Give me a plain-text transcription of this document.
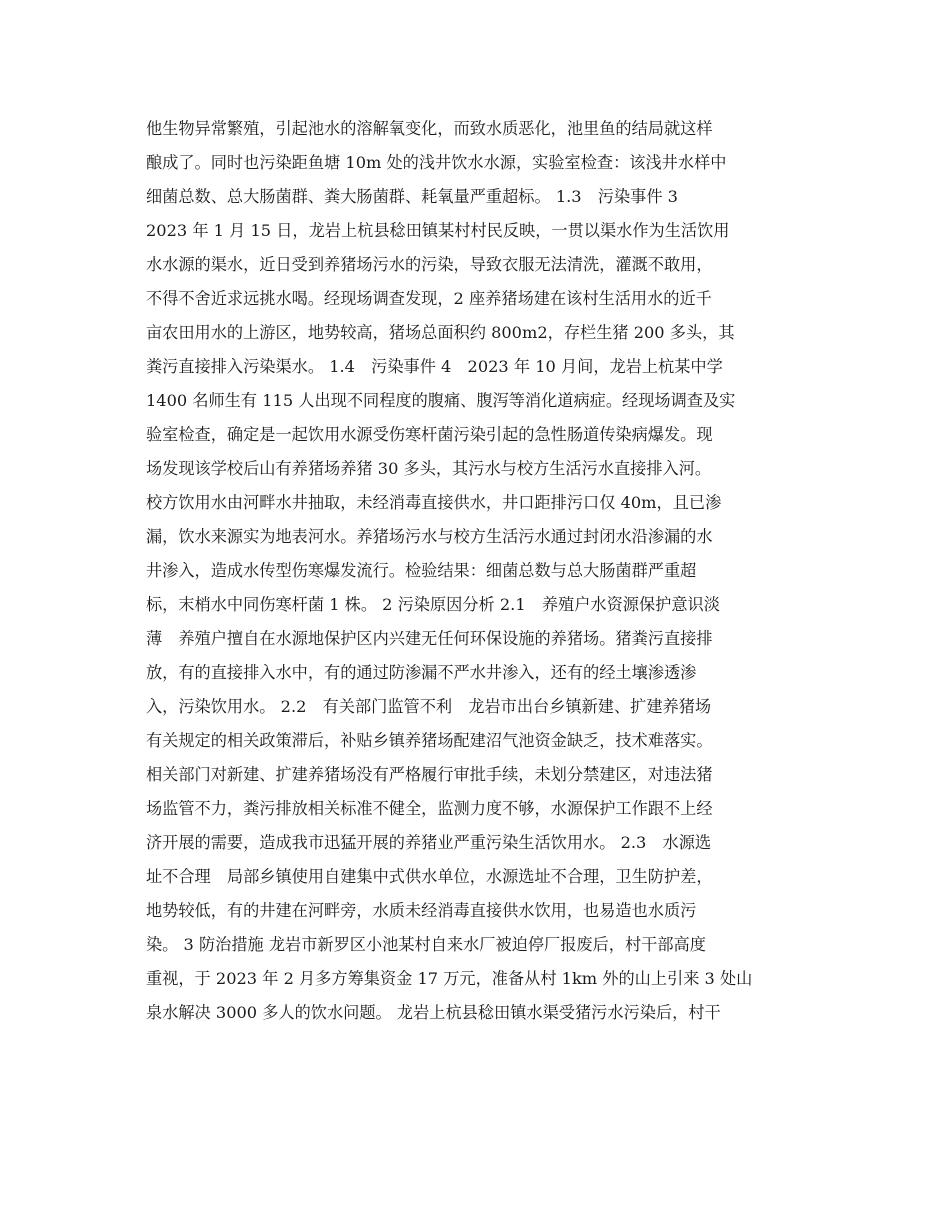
他生物异常繁殖，引起池水的溶解氧变化，而致水质恶化，池里鱼的结局就这样
酿成了。同时也污染距鱼塘 10m 处的浅井饮水水源，实验室检查：该浅井水样中
细菌总数、总大肠菌群、粪大肠菌群、耗氧量严重超标。 1.3　污染事件 3
2023 年 1 月 15 日，龙岩上杭县稔田镇某村村民反映，一贯以渠水作为生活饮用
水水源的渠水，近日受到养猪场污水的污染，导致衣服无法清洗，灌溉不敢用，
不得不舍近求远挑水喝。经现场调查发现，2 座养猪场建在该村生活用水的近千
亩农田用水的上游区，地势较高，猪场总面积约 800m2，存栏生猪 200 多头，其
粪污直接排入污染渠水。 1.4　污染事件 4　2023 年 10 月间，龙岩上杭某中学
1400 名师生有 115 人出现不同程度的腹痛、腹泻等消化道病症。经现场调查及实
验室检查，确定是一起饮用水源受伤寒杆菌污染引起的急性肠道传染病爆发。现
场发现该学校后山有养猪场养猪 30 多头，其污水与校方生活污水直接排入河。
校方饮用水由河畔水井抽取，未经消毒直接供水，井口距排污口仅 40m，且已渗
漏，饮水来源实为地表河水。养猪场污水与校方生活污水通过封闭水沿渗漏的水
井渗入，造成水传型伤寒爆发流行。检验结果：细菌总数与总大肠菌群严重超
标，末梢水中同伤寒杆菌 1 株。 2 污染原因分析 2.1　养殖户水资源保护意识淡
薄　养殖户擅自在水源地保护区内兴建无任何环保设施的养猪场。猪粪污直接排
放，有的直接排入水中，有的通过防渗漏不严水井渗入，还有的经土壤渗透渗
入，污染饮用水。 2.2　有关部门监管不利　龙岩市出台乡镇新建、扩建养猪场
有关规定的相关政策滞后，补贴乡镇养猪场配建沼气池资金缺乏，技术难落实。
相关部门对新建、扩建养猪场没有严格履行审批手续，未划分禁建区，对违法猪
场监管不力，粪污排放相关标准不健全，监测力度不够，水源保护工作跟不上经
济开展的需要，造成我市迅猛开展的养猪业严重污染生活饮用水。 2.3　水源选
址不合理　局部乡镇使用自建集中式供水单位，水源选址不合理，卫生防护差，
地势较低，有的井建在河畔旁，水质未经消毒直接供水饮用，也易造也水质污
染。 3 防治措施 龙岩市新罗区小池某村自来水厂被迫停厂报废后，村干部高度
重视，于 2023 年 2 月多方筹集资金 17 万元，准备从村 1km 外的山上引来 3 处山
泉水解决 3000 多人的饮水问题。 龙岩上杭县稔田镇水渠受猪污水污染后，村干
